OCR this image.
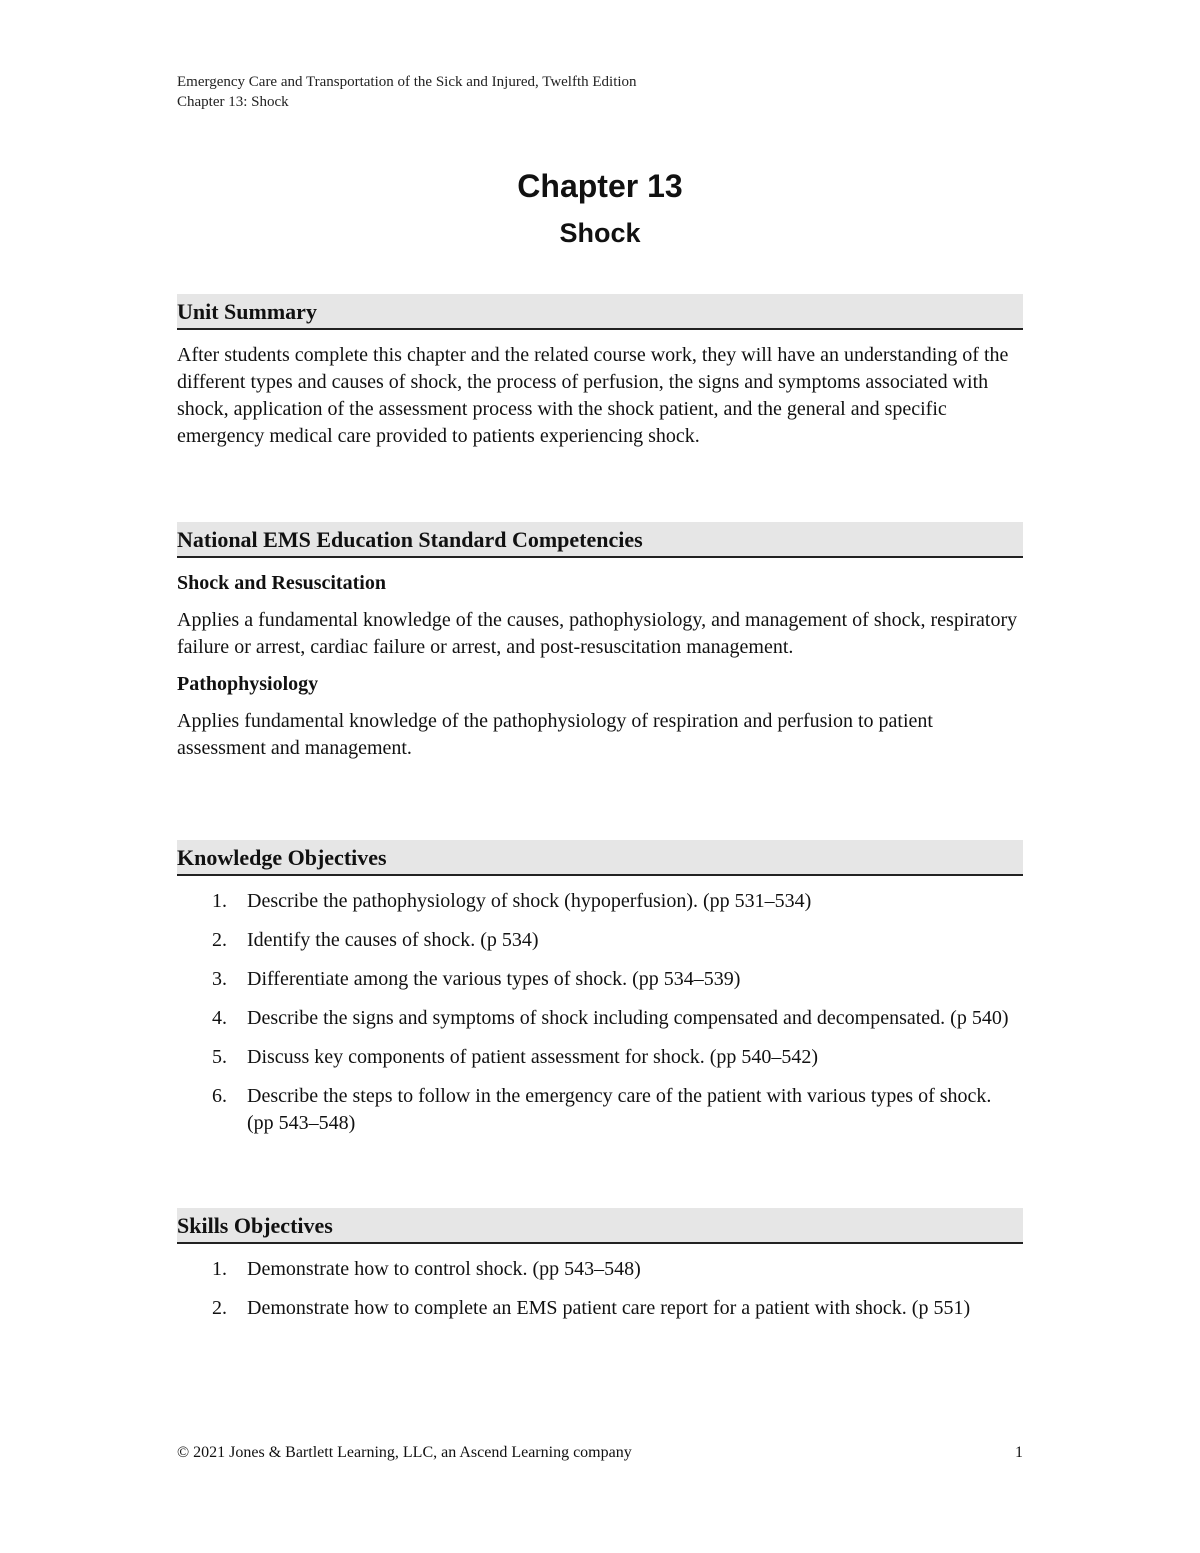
Emergency Care and Transportation of the Sick and Injured, Twelfth Edition
Chapter 13: Shock
Chapter 13
Shock
Unit Summary

After students complete this chapter and the related course work, they will have an understanding of the different types and causes of shock, the process of perfusion, the signs and symptoms associated with shock, application of the assessment process with the shock patient, and the general and specific emergency medical care provided to patients experiencing shock.

National EMS Education Standard Competencies

Shock and Resuscitation

Applies a fundamental knowledge of the causes, pathophysiology, and management of shock, respiratory failure or arrest, cardiac failure or arrest, and post-resuscitation management.

Pathophysiology

Applies fundamental knowledge of the pathophysiology of respiration and perfusion to patient assessment and management.

Knowledge Objectives
1. Describe the pathophysiology of shock (hypoperfusion). (pp 531–534)
2. Identify the causes of shock. (p 534)
3. Differentiate among the various types of shock. (pp 534–539)
4. Describe the signs and symptoms of shock including compensated and decompensated. (p 540)
5. Discuss key components of patient assessment for shock. (pp 540–542)
6. Describe the steps to follow in the emergency care of the patient with various types of shock. (pp 543–548)
Skills Objectives
1. Demonstrate how to control shock. (pp 543–548)
2. Demonstrate how to complete an EMS patient care report for a patient with shock. (p 551)
© 2021 Jones & Bartlett Learning, LLC, an Ascend Learning company	1
